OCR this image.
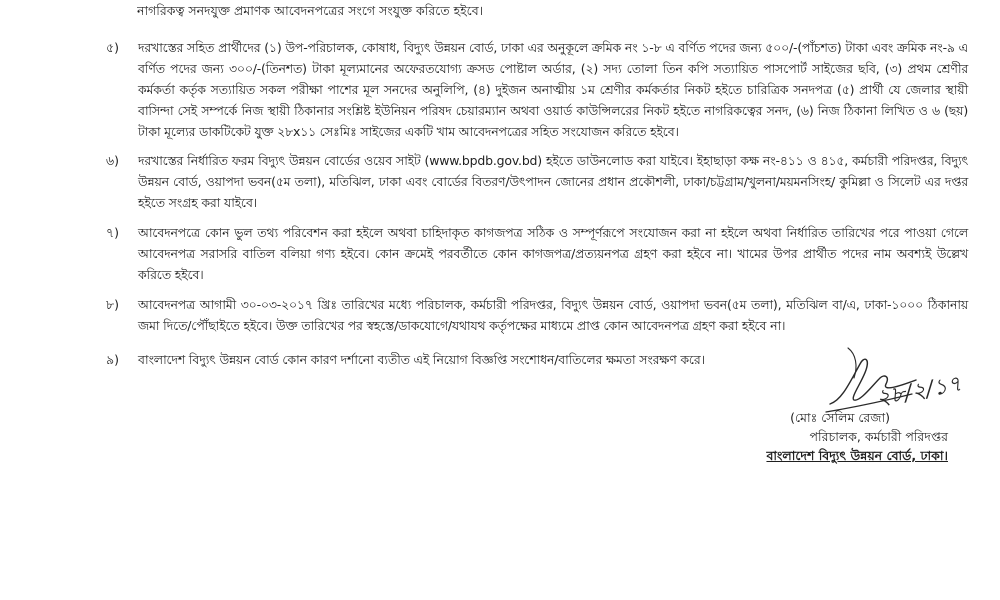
নাগরিকত্ব সনদযুক্ত প্রমাণক আবেদনপত্রের সংগে সংযুক্ত করিতে হইবে।
৫)	দরখাস্তের সহিত প্রার্থীদের (১) উপ-পরিচালক, কোষাধ, বিদ্যুৎ উন্নয়ন বোর্ড, ঢাকা এর অনুকূলে ক্রমিক নং ১-৮ এ বর্ণিত পদের জন্য ৫০০/-(পাঁচশত) টাকা এবং ক্রমিক নং-৯ এ বর্ণিত পদের জন্য ৩০০/-(তিনশত) টাকা মূল্যমানের অফেরতযোগ্য ক্রসড পোষ্টাল অর্ডার, (২) সদ্য তোলা তিন কপি সত্যায়িত পাসপোর্ট সাইজের ছবি, (৩) প্রথম শ্রেণীর কর্মকর্তা কর্তৃক সত্যায়িত সকল পরীক্ষা পাশের মূল সনদের অনুলিপি, (৪) দুইজন অনাত্মীয় ১ম শ্রেণীর কর্মকর্তার নিকট হইতে চারিত্রিক সনদপত্র (৫) প্রার্থী যে জেলার স্থায়ী বাসিন্দা সেই সম্পর্কে নিজ স্থায়ী ঠিকানার সংশ্লিষ্ট ইউনিয়ন পরিষদ চেয়ারম্যান অথবা ওয়ার্ড কাউন্সিলরের নিকট হইতে নাগরিকত্বের সনদ, (৬) নিজ ঠিকানা লিখিত ও ৬ (ছয়) টাকা মূল্যের ডাকটিকেট যুক্ত ২৮x১১ সেঃমিঃ সাইজের একটি খাম আবেদনপত্রের সহিত সংযোজন করিতে হইবে।
৬)	দরখাস্তের নির্ধারিত ফরম বিদ্যুৎ উন্নয়ন বোর্ডের ওয়েব সাইট (www.bpdb.gov.bd) হইতে ডাউনলোড করা যাইবে। ইহাছাড়া কক্ষ নং-৪১১ ও ৪১৫, কর্মচারী পরিদপ্তর, বিদ্যুৎ উন্নয়ন বোর্ড, ওয়াপদা ভবন(৫ম তলা), মতিঝিল, ঢাকা এবং বোর্ডের বিতরণ/উৎপাদন জোনের প্রধান প্রকৌশলী, ঢাকা/চট্টগ্রাম/খুলনা/ময়মনসিংহ/ কুমিল্লা ও সিলেট এর দপ্তর হইতে সংগ্রহ করা যাইবে।
৭)	আবেদনপত্রে কোন ভুল তথ্য পরিবেশন করা হইলে অথবা চাহিদাকৃত কাগজপত্র সঠিক ও সম্পূর্ণরূপে সংযোজন করা না হইলে অথবা নির্ধারিত তারিখের পরে পাওয়া গেলে আবেদনপত্র সরাসরি বাতিল বলিয়া গণ্য হইবে। কোন ক্রমেই পরবর্তীতে কোন কাগজপত্র/প্রত্যয়নপত্র গ্রহণ করা হইবে না। খামের উপর প্রার্থীত পদের নাম অবশ্যই উল্লেখ করিতে হইবে।
৮)	আবেদনপত্র আগামী ৩০-০৩-২০১৭ খ্রিঃ তারিখের মধ্যে পরিচালক, কর্মচারী পরিদপ্তর, বিদ্যুৎ উন্নয়ন বোর্ড, ওয়াপদা ভবন(৫ম তলা), মতিঝিল বা/এ, ঢাকা-১০০০ ঠিকানায় জমা দিতে/পৌঁছাইতে হইবে। উক্ত তারিখের পর স্বহস্তে/ডাকযোগে/যথাযথ কর্তৃপক্ষের মাধ্যমে প্রাপ্ত কোন আবেদনপত্র গ্রহণ করা হইবে না।
৯)	বাংলাদেশ বিদ্যুৎ উন্নয়ন বোর্ড কোন কারণ দর্শানো ব্যতীত এই নিয়োগ বিজ্ঞপ্তি সংশোধন/বাতিলের ক্ষমতা সংরক্ষণ করে।
২৮/২/১৭
(মোঃ সেলিম রেজা)
পরিচালক, কর্মচারী পরিদপ্তর
বাংলাদেশ বিদ্যুৎ উন্নয়ন বোর্ড, ঢাকা।
